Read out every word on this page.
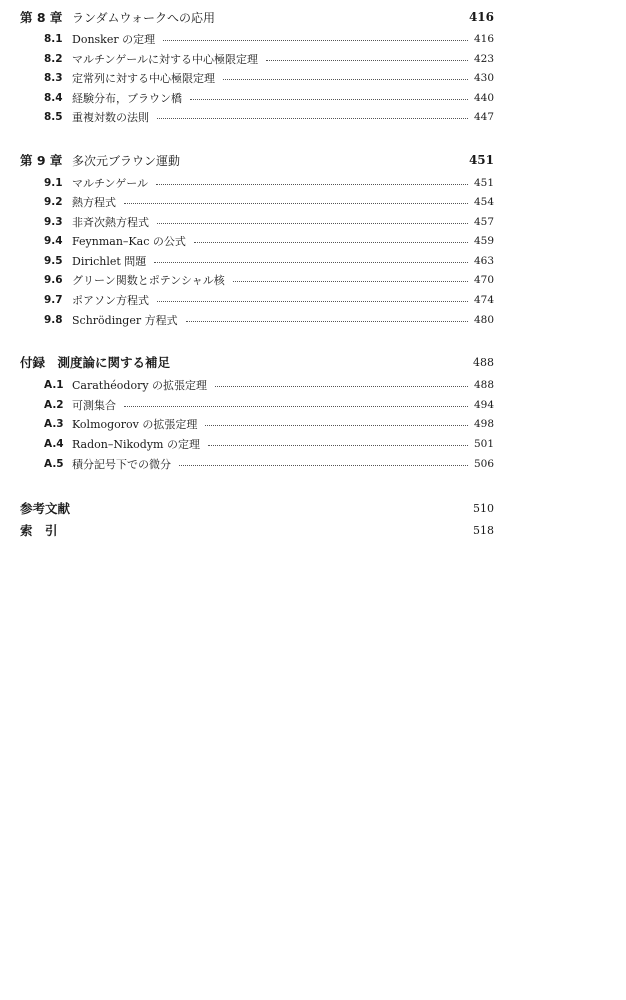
第 8 章 ランダムウォークへの応用	416
8.1 Donsker の定理	416
8.2 マルチンゲールに対する中心極限定理	423
8.3 定常列に対する中心極限定理	430
8.4 経験分布，ブラウン橋	440
8.5 重複対数の法則	447
第 9 章 多次元ブラウン運動	451
9.1 マルチンゲール	451
9.2 熱方程式	454
9.3 非斉次熱方程式	457
9.4 Feynman–Kac の公式	459
9.5 Dirichlet 問題	463
9.6 グリーン関数とポテンシャル核	470
9.7 ポアソン方程式	474
9.8 Schrödinger 方程式	480
付録　測度論に関する補足	488
A.1 Carathéodory の拡張定理	488
A.2 可測集合	494
A.3 Kolmogorov の拡張定理	498
A.4 Radon–Nikodym の定理	501
A.5 積分記号下での微分	506
参考文献	510
索　引	518
